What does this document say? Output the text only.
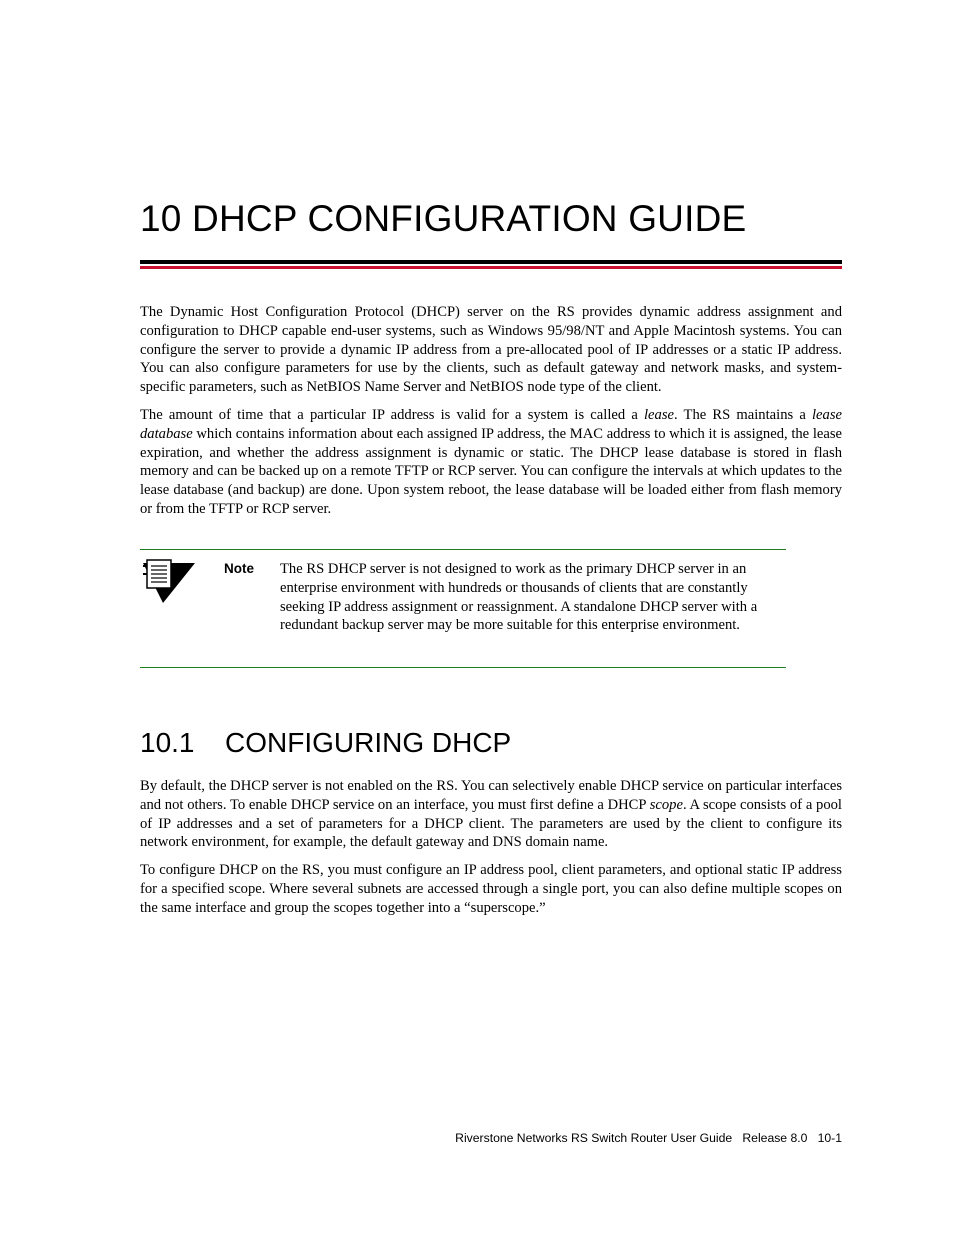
10 DHCP CONFIGURATION GUIDE

The Dynamic Host Configuration Protocol (DHCP) server on the RS provides dynamic address assignment and configuration to DHCP capable end-user systems, such as Windows 95/98/NT and Apple Macintosh systems. You can configure the server to provide a dynamic IP address from a pre-allocated pool of IP addresses or a static IP address. You can also configure parameters for use by the clients, such as default gateway and network masks, and system-specific parameters, such as NetBIOS Name Server and NetBIOS node type of the client.

The amount of time that a particular IP address is valid for a system is called a lease. The RS maintains a lease database which contains information about each assigned IP address, the MAC address to which it is assigned, the lease expiration, and whether the address assignment is dynamic or static. The DHCP lease database is stored in flash memory and can be backed up on a remote TFTP or RCP server. You can configure the intervals at which updates to the lease database (and backup) are done. Upon system reboot, the lease database will be loaded either from flash memory or from the TFTP or RCP server.

Note The RS DHCP server is not designed to work as the primary DHCP server in an enterprise environment with hundreds or thousands of clients that are constantly seeking IP address assignment or reassignment. A standalone DHCP server with a redundant backup server may be more suitable for this enterprise environment.

10.1 CONFIGURING DHCP

By default, the DHCP server is not enabled on the RS. You can selectively enable DHCP service on particular interfaces and not others. To enable DHCP service on an interface, you must first define a DHCP scope. A scope consists of a pool of IP addresses and a set of parameters for a DHCP client. The parameters are used by the client to configure its network environment, for example, the default gateway and DNS domain name.

To configure DHCP on the RS, you must configure an IP address pool, client parameters, and optional static IP address for a specified scope. Where several subnets are accessed through a single port, you can also define multiple scopes on the same interface and group the scopes together into a “superscope.”

Riverstone Networks RS Switch Router User Guide Release 8.0 10-1
